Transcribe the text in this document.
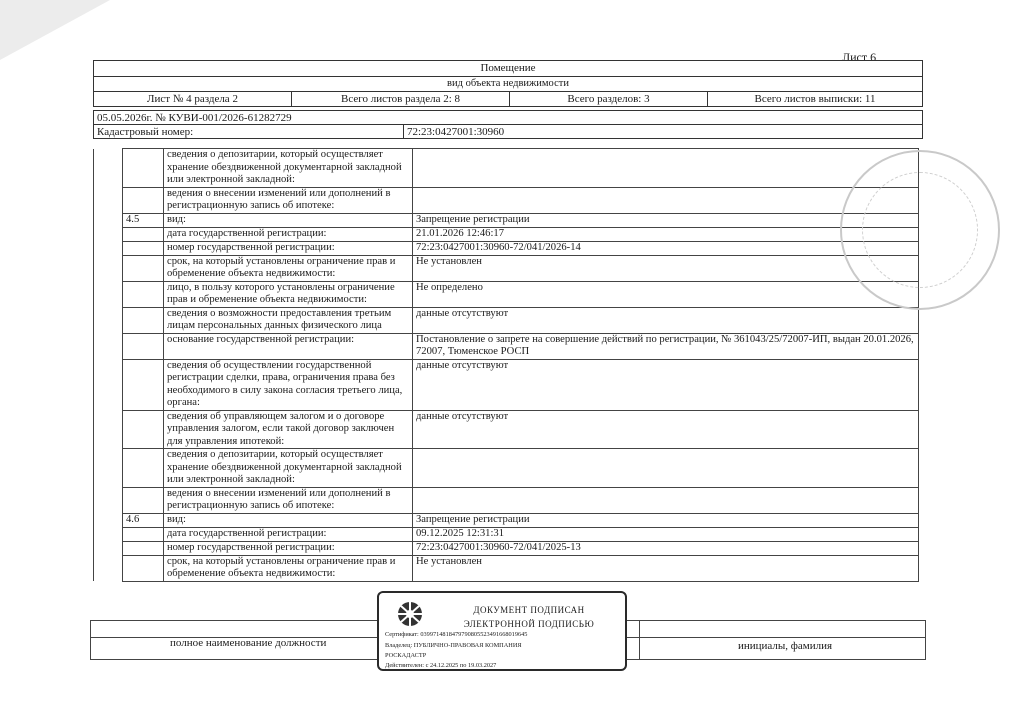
Лист 6
Помещение
вид объекта недвижимости
Лист № 4 раздела 2	Всего листов раздела 2: 8	Всего разделов: 3	Всего листов выписки: 11
05.05.2026г. № КУВИ-001/2026-61282729
Кадастровый номер:	72:23:0427001:30960
		сведения о депозитарии, который осуществляет хранение обездвиженной документарной закладной или электронной закладной:	
		ведения о внесении изменений или дополнений в регистрационную запись об ипотеке:	
	4.5	вид:	Запрещение регистрации
		дата государственной регистрации:	21.01.2026 12:46:17
		номер государственной регистрации:	72:23:0427001:30960-72/041/2026-14
		срок, на который установлены ограничение прав и обременение объекта недвижимости:	Не установлен
		лицо, в пользу которого установлены ограничение прав и обременение объекта недвижимости:	Не определено
		сведения о возможности предоставления третьим лицам персональных данных физического лица	данные отсутствуют
		основание государственной регистрации:	Постановление о запрете на совершение действий по регистрации, № 361043/25/72007-ИП, выдан 20.01.2026, 72007, Тюменское РОСП
		сведения об осуществлении государственной регистрации сделки, права, ограничения права без необходимого в силу закона согласия третьего лица, органа:	данные отсутствуют
		сведения об управляющем залогом и о договоре управления залогом, если такой договор заключен для управления ипотекой:	данные отсутствуют
		сведения о депозитарии, который осуществляет хранение обездвиженной документарной закладной или электронной закладной:	
		ведения о внесении изменений или дополнений в регистрационную запись об ипотеке:	
	4.6	вид:	Запрещение регистрации
		дата государственной регистрации:	09.12.2025 12:31:31
		номер государственной регистрации:	72:23:0427001:30960-72/041/2025-13
		срок, на который установлены ограничение прав и обременение объекта недвижимости:	Не установлен
полное наименование должности	инициалы, фамилия
ДОКУМЕНТ ПОДПИСАН
ЭЛЕКТРОННОЙ ПОДПИСЬЮ
Сертификат: 0399714818479790805523491668019645
Владелец: ПУБЛИЧНО-ПРАВОВАЯ КОМПАНИЯ
РОСКАДАСТР
Действителен: с 24.12.2025 по 19.03.2027
